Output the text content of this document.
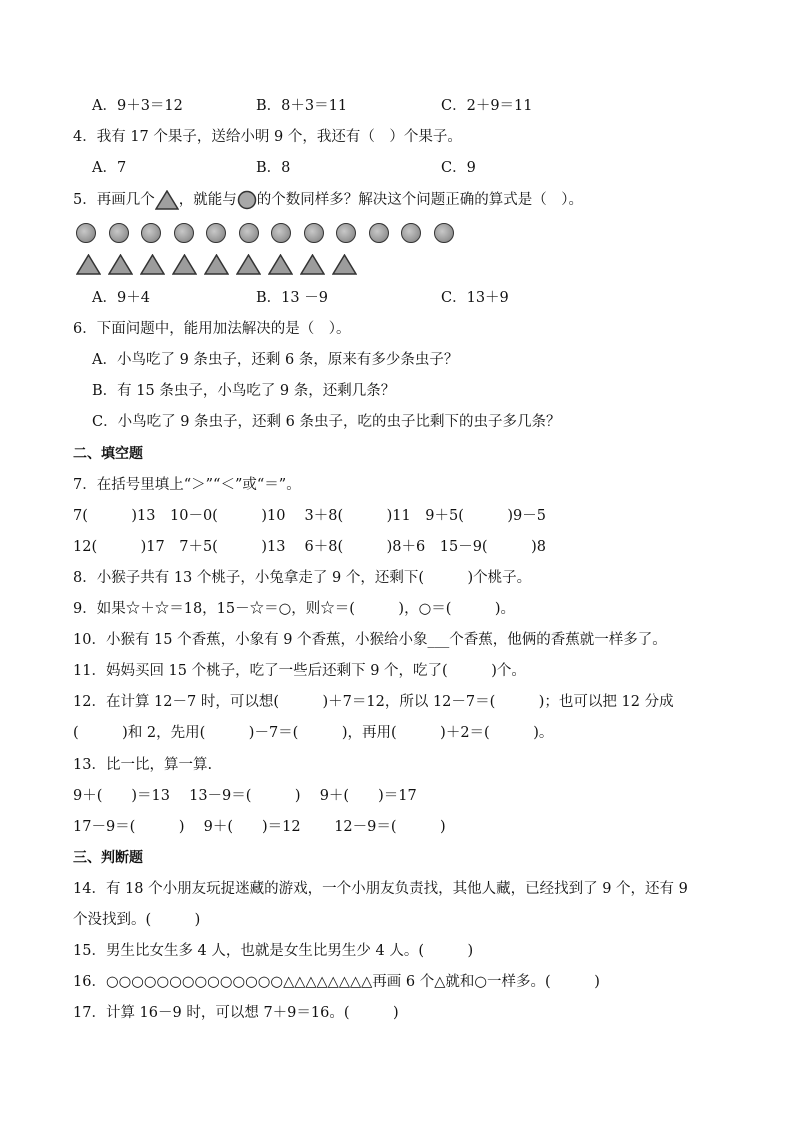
A．9＋3＝12	B．8＋3＝11	C．2＋9＝11
4．我有 17 个果子，送给小明 9 个，我还有（　）个果子。
A．7	B．8	C．9
5．再画几个 ，就能与 的个数同样多？解决这个问题正确的算式是（　）。
A．9＋4	B．13 －9	C．13＋9
6．下面问题中，能用加法解决的是（　）。
A．小鸟吃了 9 条虫子，还剩 6 条，原来有多少条虫子？
B．有 15 条虫子，小鸟吃了 9 条，还剩几条？
C．小鸟吃了 9 条虫子，还剩 6 条虫子，吃的虫子比剩下的虫子多几条？
二、填空题
7．在括号里填上“＞”“＜”或“＝”。
7(　　　)13　10－0(　　　)10　 3＋8(　　　)11　9＋5(　　　)9－5
12(　　　)17　7＋5(　　　)13　 6＋8(　　　)8＋6　15－9(　　　)8
8．小猴子共有 13 个桃子，小兔拿走了 9 个，还剩下(　　　)个桃子。
9．如果☆＋☆＝18，15－☆＝○，则☆＝(　　　)，○＝(　　　)。
10．小猴有 15 个香蕉，小象有 9 个香蕉，小猴给小象___个香蕉，他俩的香蕉就一样多了。
11．妈妈买回 15 个桃子，吃了一些后还剩下 9 个，吃了(　　　)个。
12．在计算 12－7 时，可以想(　　　)＋7＝12，所以 12－7＝(　　　)；也可以把 12 分成
(　　　)和 2，先用(　　　)－7＝(　　　)，再用(　　　)＋2＝(　　　)。
13．比一比，算一算.
9＋(　　)＝13　 13－9＝(　　　)　 9＋(　　)＝17
17－9＝(　　　)　 9＋(　　)＝12　　 12－9＝(　　　)
三、判断题
14．有 18 个小朋友玩捉迷藏的游戏，一个小朋友负责找，其他人藏，已经找到了 9 个，还有 9
个没找到。(　　　)
15．男生比女生多 4 人，也就是女生比男生少 4 人。(　　　)
16．○○○○○○○○○○○○○○△△△△△△△△再画 6 个△就和○一样多。(　　　)
17．计算 16－9 时，可以想 7＋9＝16。(　　　)
